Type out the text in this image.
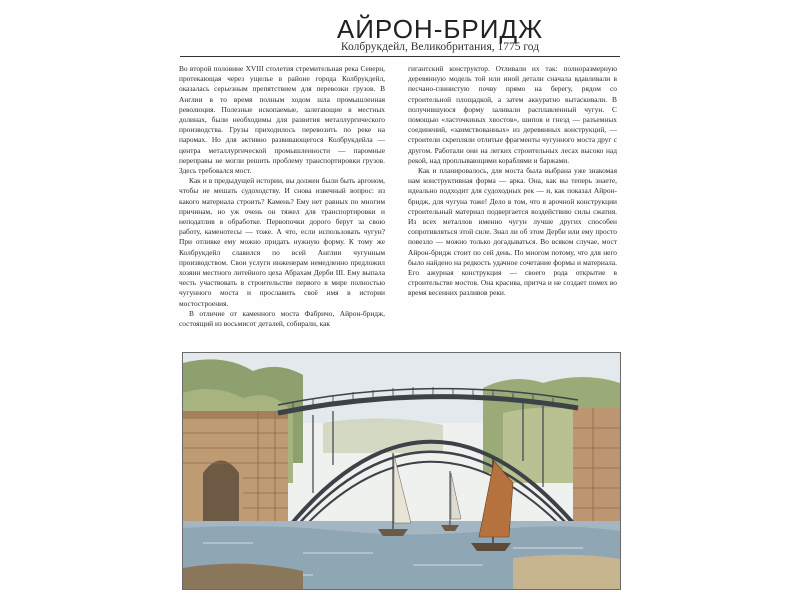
АЙРОН-БРИДЖ
Колбрукдейл, Великобритания, 1775 год

Во второй половине XVIII столетия стремительная река Северн, протекающая через ущелье в районе города Колбрукдейл, оказалась серьезным препятствием для перевозки грузов. В Англии в то время полным ходом шла промышленная революция. Полезные ископаемые, залегающие в местных долинах, были необходимы для развития металлургического производства. Грузы приходилось перевозить по реке на паромах. Но для активно развивающегося Колбрукдейла — центра металлургической промышленности — паромные переправы не могли решить проблему транспортировки грузов. Здесь требовался мост.

Как и в предыдущей истории, вы должен были быть аргоном, чтобы не мешать судоходству. И снова извечный вопрос: из какого материала строить? Камень? Ему нет равных по многим причинам, но уж очень он тяжел для транспортировки и неподатлив в обработке. Первопочки дорого берут за свою работу, каменотесы — тоже. А что, если использовать чугун? При отливке ему можно придать нужную форму. К тому же Колбрукдейл славился по всей Англии чугунным производством. Свои услуги инженерам немедленно предложил хозяин местного литейного цеха Абрахам Дерби III. Ему выпала честь участвовать в строительстве первого в мире полностью чугунного моста и прославить своё имя в истории мостостроения.

В отличие от каменного моста Фабричо, Айрон-бридж, состоящий из восьмисот деталей, собирали, как

гигантский конструктор. Отливали их так: полноразмерную деревянную модель той или иной детали сначала вдавливали в песчано-глинистую почву прямо на берегу, рядом со строительной площадкой, а затем аккуратно вытаскивали. В получившуюся форму заливали расплавленный чугун. С помощью «ласточкиных хвостов», шипов и гнезд — разъемных соединений, «заимствованных» из деревянных конструкций, — строители скрепляли отлитые фрагменты чугунного моста друг с другом. Работали они на легких строительных лесах высоко над рекой, над проплывающими кораблями и баржами.

Как и планировалось, для моста была выбрана уже знакомая нам конструктивная форма — арка. Она, как вы теперь знаете, идеально подходит для судоходных рек — и, как показал Айрон-бридж, для чугуна тоже! Дело в том, что в арочной конструкции строительный материал подвергается воздействию силы сжатия. Из всех металлов именно чугун лучше других способен сопротивляться этой силе. Знал ли об этом Дерби или ему просто повезло — можно только догадываться. Во всяком случае, мост Айрон-бридж стоит по сей день. По многом потому, что для него было найдено на редкость удачное сочетание формы и материала. Его ажурная конструкция — своего рода открытие в строительстве мостов. Она красива, притча и не создает помех во время весенних разливов реки.
